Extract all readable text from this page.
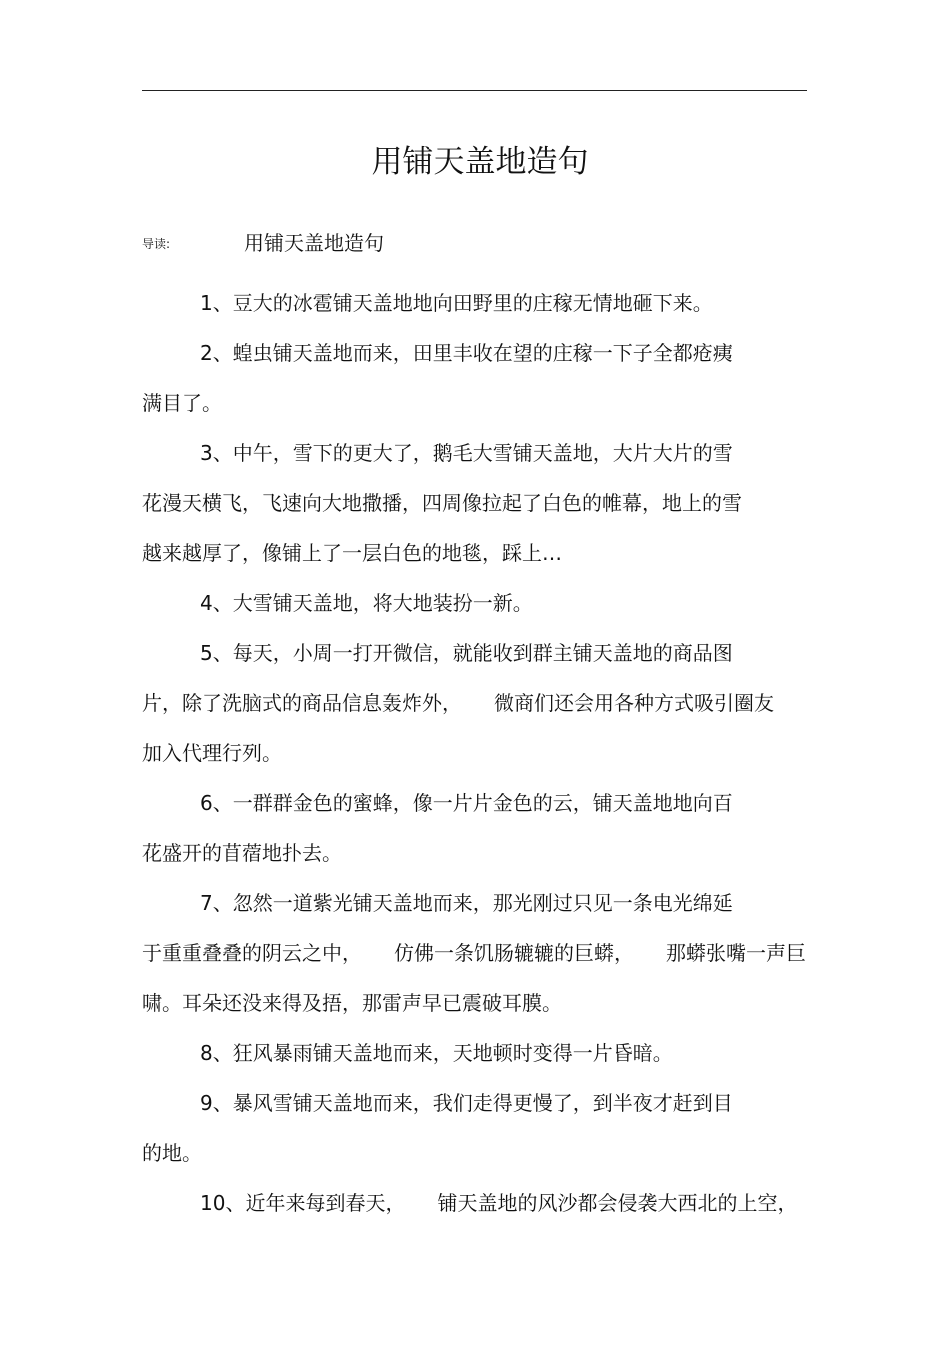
用铺天盖地造句
导读:	用铺天盖地造句

1、豆大的冰雹铺天盖地地向田野里的庄稼无情地砸下来。

2、蝗虫铺天盖地而来，田里丰收在望的庄稼一下子全都疮痍

满目了。

3、中午，雪下的更大了，鹅毛大雪铺天盖地，大片大片的雪

花漫天横飞，飞速向大地撒播，四周像拉起了白色的帷幕，地上的雪

越来越厚了，像铺上了一层白色的地毯，踩上…

4、大雪铺天盖地，将大地装扮一新。

5、每天，小周一打开微信，就能收到群主铺天盖地的商品图

片，除了洗脑式的商品信息轰炸外， 微商们还会用各种方式吸引圈友

加入代理行列。

6、一群群金色的蜜蜂，像一片片金色的云，铺天盖地地向百

花盛开的苜蓿地扑去。

7、忽然一道紫光铺天盖地而来，那光刚过只见一条电光绵延

于重重叠叠的阴云之中， 仿佛一条饥肠辘辘的巨蟒， 那蟒张嘴一声巨

啸。耳朵还没来得及捂，那雷声早已震破耳膜。

8、狂风暴雨铺天盖地而来，天地顿时变得一片昏暗。

9、暴风雪铺天盖地而来，我们走得更慢了，到半夜才赶到目

的地。

10、近年来每到春天， 铺天盖地的风沙都会侵袭大西北的上空，
